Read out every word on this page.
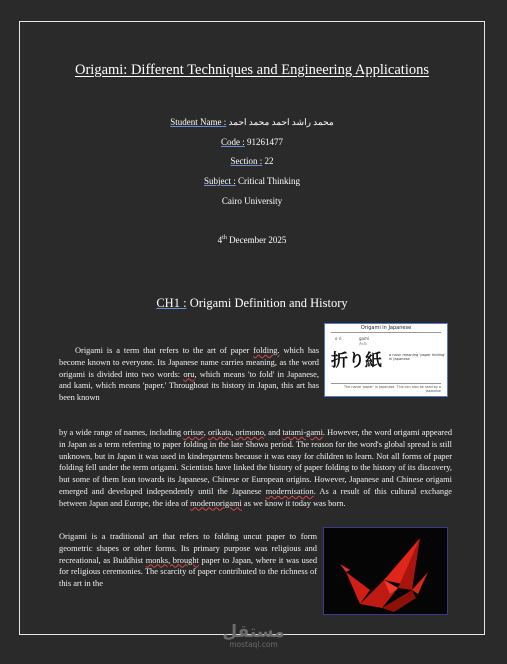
Origami: Different Techniques and Engineering Applications
Student Name : محمد راشد احمد محمد احمد
Code : 91261477
Section : 22
Subject : Critical Thinking
Cairo University
4th December 2025
CH1 : Origami Definition and History

Origami is a term that refers to the art of paper folding. which has become known to everyone. Its Japanese name carries meaning, as the word origami is divided into two words: oru, which means 'to fold' in Japanese, and kami, which means 'paper.' Throughout its history in Japan, this art has been known

by a wide range of names, including orisue, orikata, orimono, and tatami-gami. However, the word origami appeared in Japan as a term referring to paper folding in the late Showa period. The reason for the word's global spread is still unknown, but in Japan it was used in kindergartens because it was easy for children to learn. Not all forms of paper folding fell under the term origami. Scientists have linked the history of paper folding to the history of its discovery, but some of them lean towards its Japanese, Chinese or European origins. However, Japanese and Chinese origami emerged and developed independently until the Japanese modernisation. As a result of this cultural exchange between Japan and Europe, the idea of modernorigami as we know it today was born.

Origami is a traditional art that refers to folding uncut paper to form geometric shapes or other forms. Its primary purpose was religious and recreational, as Buddhist monks, brought paper to Japan, where it was used for religious ceremonies. The scarcity of paper contributed to the richness of this art in the

Origami in Japanese
o ri	gami
かみ
折り紙 a noun meaning 'paper folding' in Japanese
The name 'paper' in Japanese. This can also be read by a Japanese
مستقل
mostaql.com
